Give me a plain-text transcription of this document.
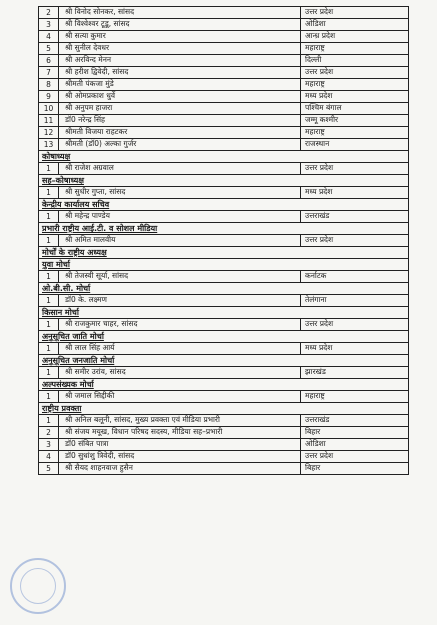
2	श्री विनोद सोनकर, सांसद	उत्तर प्रदेश
3	श्री विश्वेश्वर टूडू, सांसद	ओडिशा
4	श्री सत्या कुमार	आन्ध्र प्रदेश
5	श्री सुनील देवधर	महाराष्ट्र
6	श्री अरविन्द मेनन	दिल्ली
7	श्री हरीश द्विवेदी, सांसद	उत्तर प्रदेश
8	श्रीमती पंकजा मुंडे	महाराष्ट्र
9	श्री ओमप्रकाश धुर्वे	मध्य प्रदेश
10	श्री अनुपम हाजरा	पश्चिम बंगाल
11	डॉ0 नरेन्द्र सिंह	जम्मू कश्मीर
12	श्रीमती विजया राहटकर	महाराष्ट्र
13	श्रीमती (डॉ0) अल्का गुर्जर	राजस्थान
कोषाध्यक्ष
1	श्री राजेश अग्रवाल	उत्तर प्रदेश
सह–कोषाध्यक्ष
1	श्री सुधीर गुप्ता, सांसद	मध्य प्रदेश
केन्द्रीय कार्यालय सचिव
1	श्री महेन्द्र पाण्डेय	उत्तराखंड
प्रभारी राष्ट्रीय आई.टी. व सोशल मीडिया
1	श्री अमित मालवीय	उत्तर प्रदेश
मोर्चों के राष्ट्रीय अध्यक्ष
युवा मोर्चा
1	श्री तेजस्वी सूर्या, सांसद	कर्नाटक
ओ.बी.सी. मोर्चा
1	डॉ0 के. लक्ष्मण	तेलंगाना
किसान मोर्चा
1	श्री राजकुमार चाहर, सांसद	उत्तर प्रदेश
अनुसूचित जाति मोर्चा
1	श्री लाल सिंह आर्य	मध्य प्रदेश
अनुसूचित जनजाति मोर्चा
1	श्री समीर उरांव, सांसद	झारखंड
अल्पसंख्यक मोर्चा
1	श्री जमाल सिद्दीकी	महाराष्ट्र
राष्ट्रीय प्रवक्ता
1	श्री अनिल बलूनी, सांसद, मुख्य प्रवक्ता एवं मीडिया प्रभारी	उत्तराखंड
2	श्री संजय मयूख, विधान परिषद सदस्य, मीडिया सह–प्रभारी	बिहार
3	डॉ0 संबित पात्रा	ओडिशा
4	डॉ0 सुधांशु त्रिवेदी, सांसद	उत्तर प्रदेश
5	श्री सैयद शाहनवाज हुसैन	बिहार
